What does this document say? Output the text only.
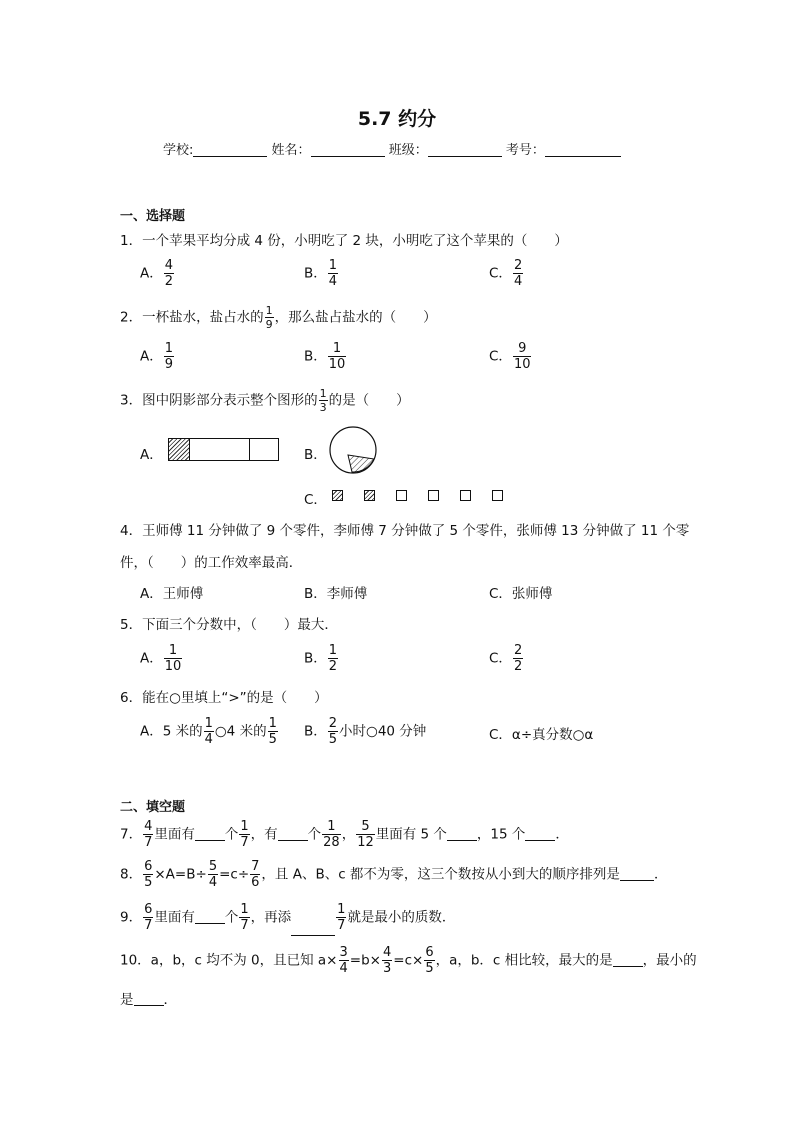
5.7 约分
学校:	姓名：	班级：	考号：
一、选择题
1．一个苹果平均分成 4 份，小明吃了 2 块，小明吃了这个苹果的（　　）
A． $\frac{4}{2}$	B． $\frac{1}{4}$	C． $\frac{2}{4}$
2．一杯盐水，盐占水的 $\frac{1}{9}$ ，那么盐占盐水的（　　）
A． $\frac{1}{9}$	B． $\frac{1}{10}$	C． $\frac{9}{10}$
3．图中阴影部分表示整个图形的 $\frac{1}{3}$ 的是（　　）
A．	B．
C．
4．王师傅 11 分钟做了 9 个零件，李师傅 7 分钟做了 5 个零件，张师傅 13 分钟做了 11 个零
件，（　　）的工作效率最高．
A．王师傅	B．李师傅	C．张师傅
5．下面三个分数中，（　　）最大．
A． $\frac{1}{10}$	B． $\frac{1}{2}$	C． $\frac{2}{2}$
6．能在○里填上“>”的是（　　）
A．5 米的 $\frac{1}{4}$ ○4 米的 $\frac{1}{5}$ B． $\frac{2}{5}$ 小时○40 分钟	C．α÷真分数○α
二、填空题
7． $\frac{4}{7}$ 里面有 个 $\frac{1}{7}$ ，有 个 $\frac{1}{28}$ ， $\frac{5}{12}$ 里面有 5 个 ，15 个 ．
8． $\frac{6}{5} \times A=B\div \frac{5}{4} =c\div \frac{7}{6}$ ，且 A、B、c 都不为零，这三个数按从小到大的顺序排列是	．
9． $\frac{6}{7}$ 里面有 个 $\frac{1}{7}$ ，再添	$\frac{1}{7}$ 就是最小的质数．
10．a，b，c 均不为 0，且已知 $a\times \frac{3}{4} =b\times \frac{4}{3} =c\times \frac{6}{5}$ ，a，b．c 相比较，最大的是 ，最小的
是 ．
